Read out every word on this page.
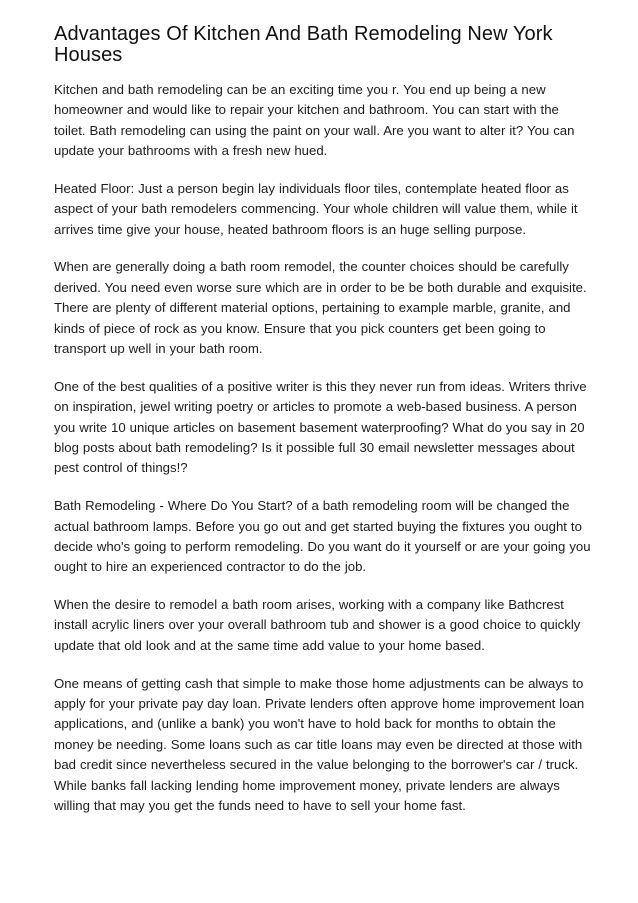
Advantages Of Kitchen And Bath Remodeling New York Houses

Kitchen and bath remodeling can be an exciting time you r. You end up being a new homeowner and would like to repair your kitchen and bathroom. You can start with the toilet. Bath remodeling can using the paint on your wall. Are you want to alter it? You can update your bathrooms with a fresh new hued.

Heated Floor: Just a person begin lay individuals floor tiles, contemplate heated floor as aspect of your bath remodelers commencing. Your whole children will value them, while it arrives time give your house, heated bathroom floors is an huge selling purpose.

When are generally doing a bath room remodel, the counter choices should be carefully derived. You need even worse sure which are in order to be be both durable and exquisite. There are plenty of different material options, pertaining to example marble, granite, and kinds of piece of rock as you know. Ensure that you pick counters get been going to transport up well in your bath room.

One of the best qualities of a positive writer is this they never run from ideas. Writers thrive on inspiration, jewel writing poetry or articles to promote a web-based business. A person you write 10 unique articles on basement basement waterproofing? What do you say in 20 blog posts about bath remodeling? Is it possible full 30 email newsletter messages about pest control of things!?

Bath Remodeling - Where Do You Start? of a bath remodeling room will be changed the actual bathroom lamps. Before you go out and get started buying the fixtures you ought to decide who's going to perform remodeling. Do you want do it yourself or are your going you ought to hire an experienced contractor to do the job.

When the desire to remodel a bath room arises, working with a company like Bathcrest install acrylic liners over your overall bathroom tub and shower is a good choice to quickly update that old look and at the same time add value to your home based.

One means of getting cash that simple to make those home adjustments can be always to apply for your private pay day loan. Private lenders often approve home improvement loan applications, and (unlike a bank) you won't have to hold back for months to obtain the money be needing. Some loans such as car title loans may even be directed at those with bad credit since nevertheless secured in the value belonging to the borrower's car / truck. While banks fall lacking lending home improvement money, private lenders are always willing that may you get the funds need to have to sell your home fast.
